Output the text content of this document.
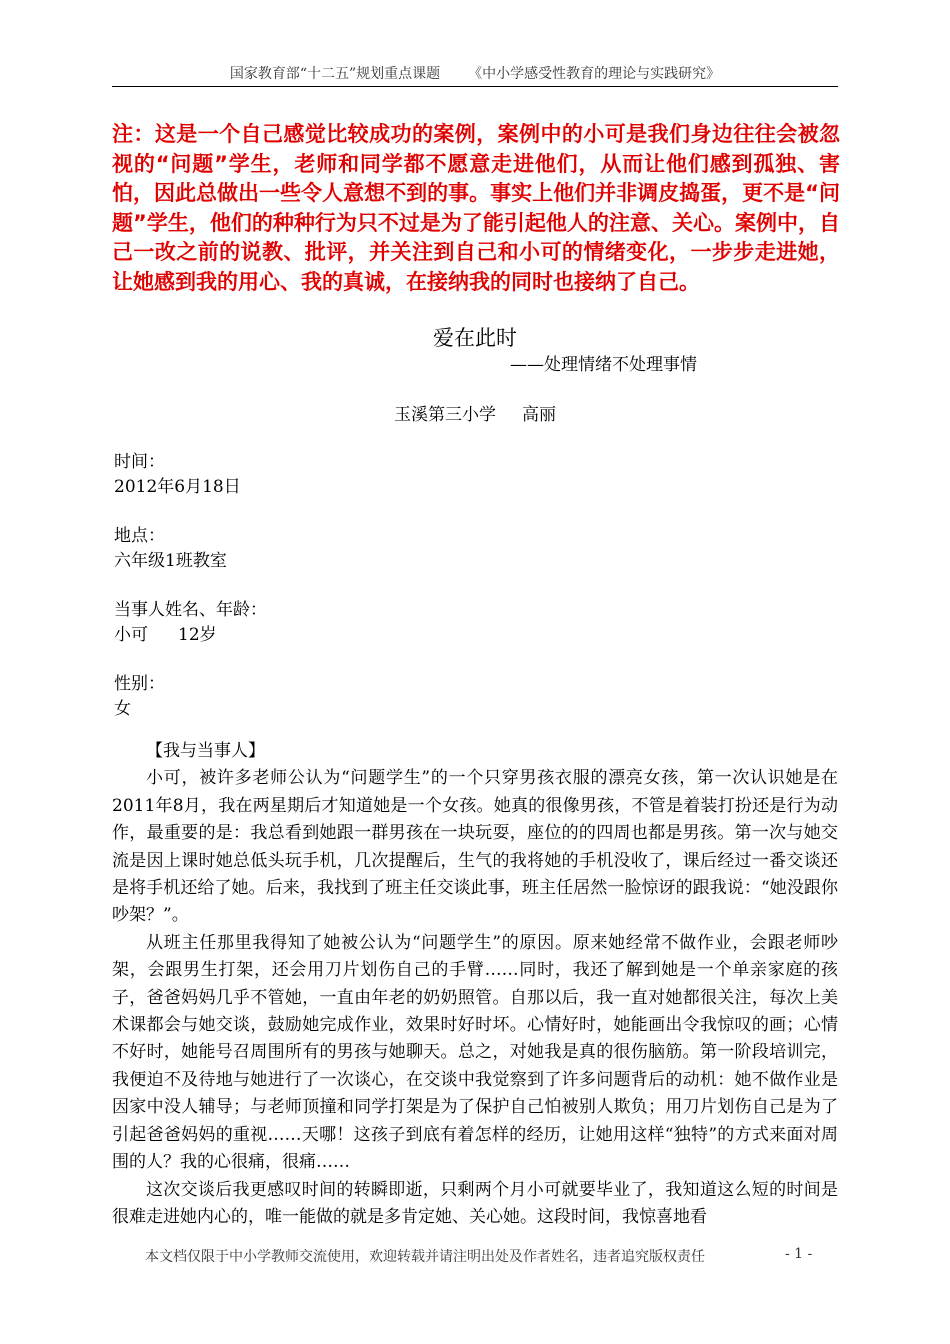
国家教育部“十二五”规划重点课题 《中小学感受性教育的理论与实践研究》
注：这是一个自己感觉比较成功的案例，案例中的小可是我们身边往往会被忽视的“问题”学生，老师和同学都不愿意走进他们，从而让他们感到孤独、害怕，因此总做出一些令人意想不到的事。事实上他们并非调皮捣蛋，更不是“问题”学生，他们的种种行为只不过是为了能引起他人的注意、关心。案例中，自己一改之前的说教、批评，并关注到自己和小可的情绪变化，一步步走进她，让她感到我的用心、我的真诚，在接纳我的同时也接纳了自己。
爱在此时
——处理情绪不处理事情
玉溪第三小学 高丽
时间：
2012年6月18日
地点：
六年级1班教室
当事人姓名、年龄：
小可 12岁
性别：
女

【我与当事人】

小可，被许多老师公认为“问题学生”的一个只穿男孩衣服的漂亮女孩，第一次认识她是在2011年8月，我在两星期后才知道她是一个女孩。她真的很像男孩，不管是着装打扮还是行为动作，最重要的是：我总看到她跟一群男孩在一块玩耍，座位的的四周也都是男孩。第一次与她交流是因上课时她总低头玩手机，几次提醒后，生气的我将她的手机没收了，课后经过一番交谈还是将手机还给了她。后来，我找到了班主任交谈此事，班主任居然一脸惊讶的跟我说：“她没跟你吵架？”。

从班主任那里我得知了她被公认为“问题学生”的原因。原来她经常不做作业，会跟老师吵架，会跟男生打架，还会用刀片划伤自己的手臂……同时，我还了解到她是一个单亲家庭的孩子，爸爸妈妈几乎不管她，一直由年老的奶奶照管。自那以后，我一直对她都很关注，每次上美术课都会与她交谈，鼓励她完成作业，效果时好时坏。心情好时，她能画出令我惊叹的画；心情不好时，她能号召周围所有的男孩与她聊天。总之，对她我是真的很伤脑筋。第一阶段培训完，我便迫不及待地与她进行了一次谈心，在交谈中我觉察到了许多问题背后的动机：她不做作业是因家中没人辅导；与老师顶撞和同学打架是为了保护自己怕被别人欺负；用刀片划伤自己是为了引起爸爸妈妈的重视……天哪！这孩子到底有着怎样的经历，让她用这样“独特”的方式来面对周围的人？我的心很痛，很痛……

这次交谈后我更感叹时间的转瞬即逝，只剩两个月小可就要毕业了，我知道这么短的时间是很难走进她内心的，唯一能做的就是多肯定她、关心她。这段时间，我惊喜地看

本文档仅限于中小学教师交流使用，欢迎转载并请注明出处及作者姓名，违者追究版权责任	- 1 -
